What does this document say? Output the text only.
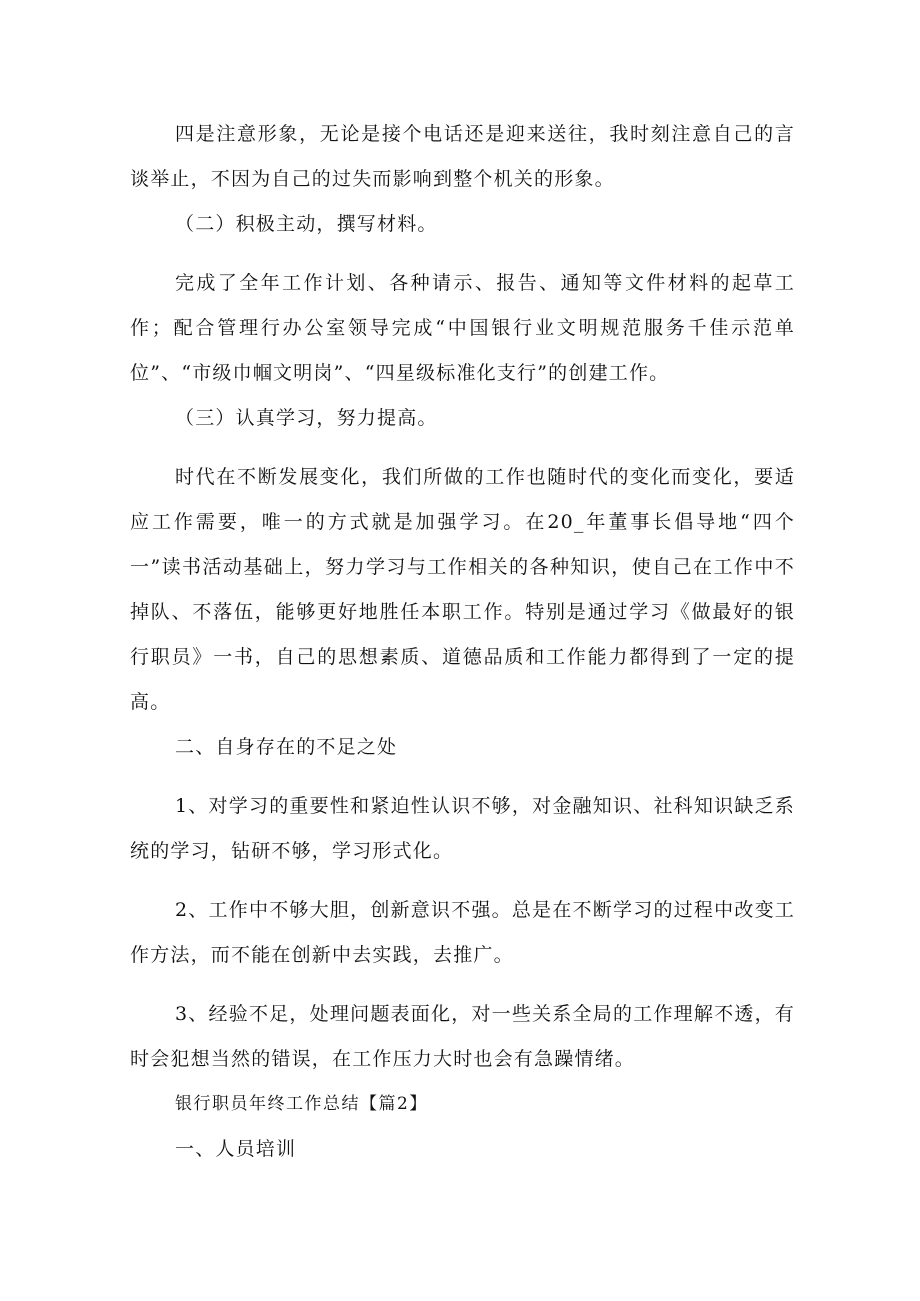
四是注意形象，无论是接个电话还是迎来送往，我时刻注意自己的言谈举止，不因为自己的过失而影响到整个机关的形象。

（二）积极主动，撰写材料。

完成了全年工作计划、各种请示、报告、通知等文件材料的起草工作；配合管理行办公室领导完成“中国银行业文明规范服务千佳示范单位”、“市级巾帼文明岗”、“四星级标准化支行”的创建工作。

（三）认真学习，努力提高。

时代在不断发展变化，我们所做的工作也随时代的变化而变化，要适应工作需要，唯一的方式就是加强学习。在20_年董事长倡导地“四个一”读书活动基础上，努力学习与工作相关的各种知识，使自己在工作中不掉队、不落伍，能够更好地胜任本职工作。特别是通过学习《做最好的银行职员》一书，自己的思想素质、道德品质和工作能力都得到了一定的提高。

二、自身存在的不足之处

1、对学习的重要性和紧迫性认识不够，对金融知识、社科知识缺乏系统的学习，钻研不够，学习形式化。

2、工作中不够大胆，创新意识不强。总是在不断学习的过程中改变工作方法，而不能在创新中去实践，去推广。

3、经验不足，处理问题表面化，对一些关系全局的工作理解不透，有时会犯想当然的错误，在工作压力大时也会有急躁情绪。

银行职员年终工作总结【篇2】

一、人员培训
